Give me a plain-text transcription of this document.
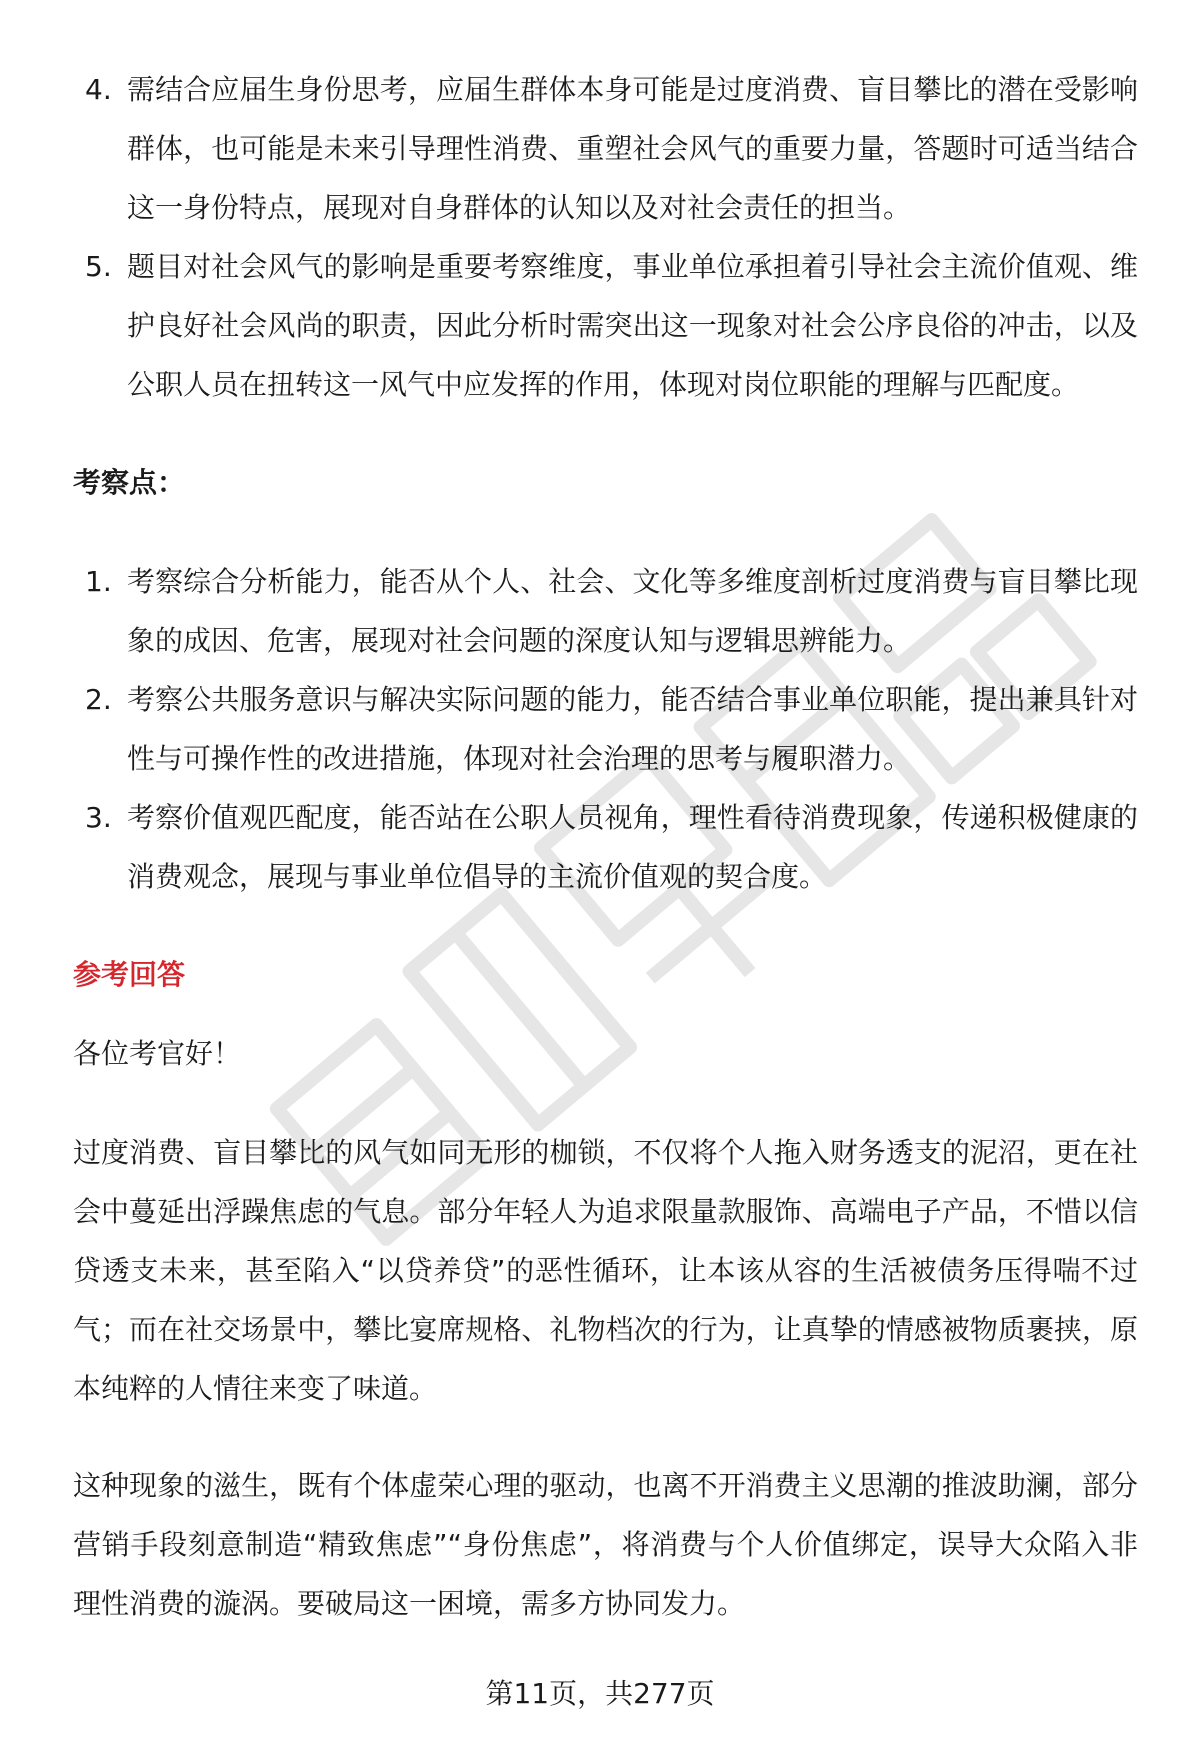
4. 需结合应届生身份思考，应届生群体本身可能是过度消费、盲目攀比的潜在受影响群体，也可能是未来引导理性消费、重塑社会风气的重要力量，答题时可适当结合这一身份特点，展现对自身群体的认知以及对社会责任的担当。
5. 题目对社会风气的影响是重要考察维度，事业单位承担着引导社会主流价值观、维护良好社会风尚的职责，因此分析时需突出这一现象对社会公序良俗的冲击，以及公职人员在扭转这一风气中应发挥的作用，体现对岗位职能的理解与匹配度。
考察点：
1. 考察综合分析能力，能否从个人、社会、文化等多维度剖析过度消费与盲目攀比现象的成因、危害，展现对社会问题的深度认知与逻辑思辨能力。
2. 考察公共服务意识与解决实际问题的能力，能否结合事业单位职能，提出兼具针对性与可操作性的改进措施，体现对社会治理的思考与履职潜力。
3. 考察价值观匹配度，能否站在公职人员视角，理性看待消费现象，传递积极健康的消费观念，展现与事业单位倡导的主流价值观的契合度。
参考回答

各位考官好！

过度消费、盲目攀比的风气如同无形的枷锁，不仅将个人拖入财务透支的泥沼，更在社会中蔓延出浮躁焦虑的气息。部分年轻人为追求限量款服饰、高端电子产品，不惜以信贷透支未来，甚至陷入“以贷养贷”的恶性循环，让本该从容的生活被债务压得喘不过气；而在社交场景中，攀比宴席规格、礼物档次的行为，让真挚的情感被物质裹挟，原本纯粹的人情往来变了味道。

这种现象的滋生，既有个体虚荣心理的驱动，也离不开消费主义思潮的推波助澜，部分营销手段刻意制造“精致焦虑”“身份焦虑”，将消费与个人价值绑定，误导大众陷入非理性消费的漩涡。要破局这一困境，需多方协同发力。

第11页，共277页
